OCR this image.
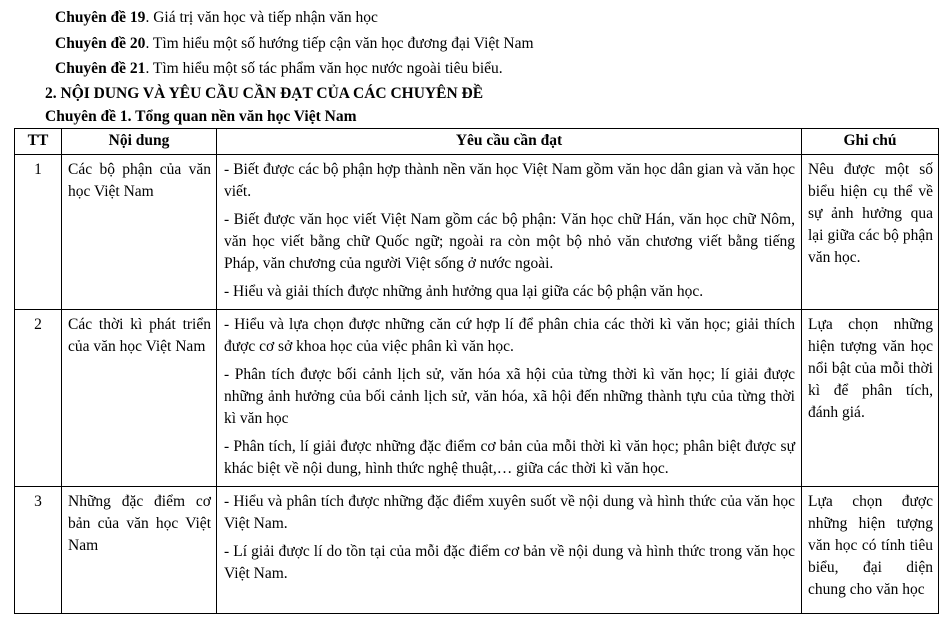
Chuyên đề 19. Giá trị văn học và tiếp nhận văn học

Chuyên đề 20. Tìm hiểu một số hướng tiếp cận văn học đương đại Việt Nam

Chuyên đề 21. Tìm hiểu một số tác phẩm văn học nước ngoài tiêu biểu.

2. NỘI DUNG VÀ YÊU CẦU CẦN ĐẠT CỦA CÁC CHUYÊN ĐỀ

Chuyên đề 1. Tổng quan nền văn học Việt Nam

TT	Nội dung	Yêu cầu cần đạt	Ghi chú
1	Các bộ phận của văn học Việt Nam	- Biết được các bộ phận hợp thành nền văn học Việt Nam gồm văn học dân gian và văn học viết.

- Biết được văn học viết Việt Nam gồm các bộ phận: Văn học chữ Hán, văn học chữ Nôm, văn học viết bằng chữ Quốc ngữ; ngoài ra còn một bộ nhỏ văn chương viết bằng tiếng Pháp, văn chương của người Việt sống ở nước ngoài.

- Hiểu và giải thích được những ảnh hưởng qua lại giữa các bộ phận văn học.	Nêu được một số biểu hiện cụ thể về sự ảnh hưởng qua lại giữa các bộ phận văn học.
2	Các thời kì phát triển của văn học Việt Nam	- Hiểu và lựa chọn được những căn cứ hợp lí để phân chia các thời kì văn học; giải thích được cơ sở khoa học của việc phân kì văn học.

- Phân tích được bối cảnh lịch sử, văn hóa xã hội của từng thời kì văn học; lí giải được những ảnh hưởng của bối cảnh lịch sử, văn hóa, xã hội đến những thành tựu của từng thời kì văn học

- Phân tích, lí giải được những đặc điểm cơ bản của mỗi thời kì văn học; phân biệt được sự khác biệt về nội dung, hình thức nghệ thuật,… giữa các thời kì văn học.	Lựa chọn những hiện tượng văn học nổi bật của mỗi thời kì để phân tích, đánh giá.
3	Những đặc điểm cơ bản của văn học Việt Nam	- Hiểu và phân tích được những đặc điểm xuyên suốt về nội dung và hình thức của văn học Việt Nam.

- Lí giải được lí do tồn tại của mỗi đặc điểm cơ bản về nội dung và hình thức trong văn học Việt Nam.	Lựa chọn được những hiện tượng văn học có tính tiêu biểu, đại diện chung cho văn học
